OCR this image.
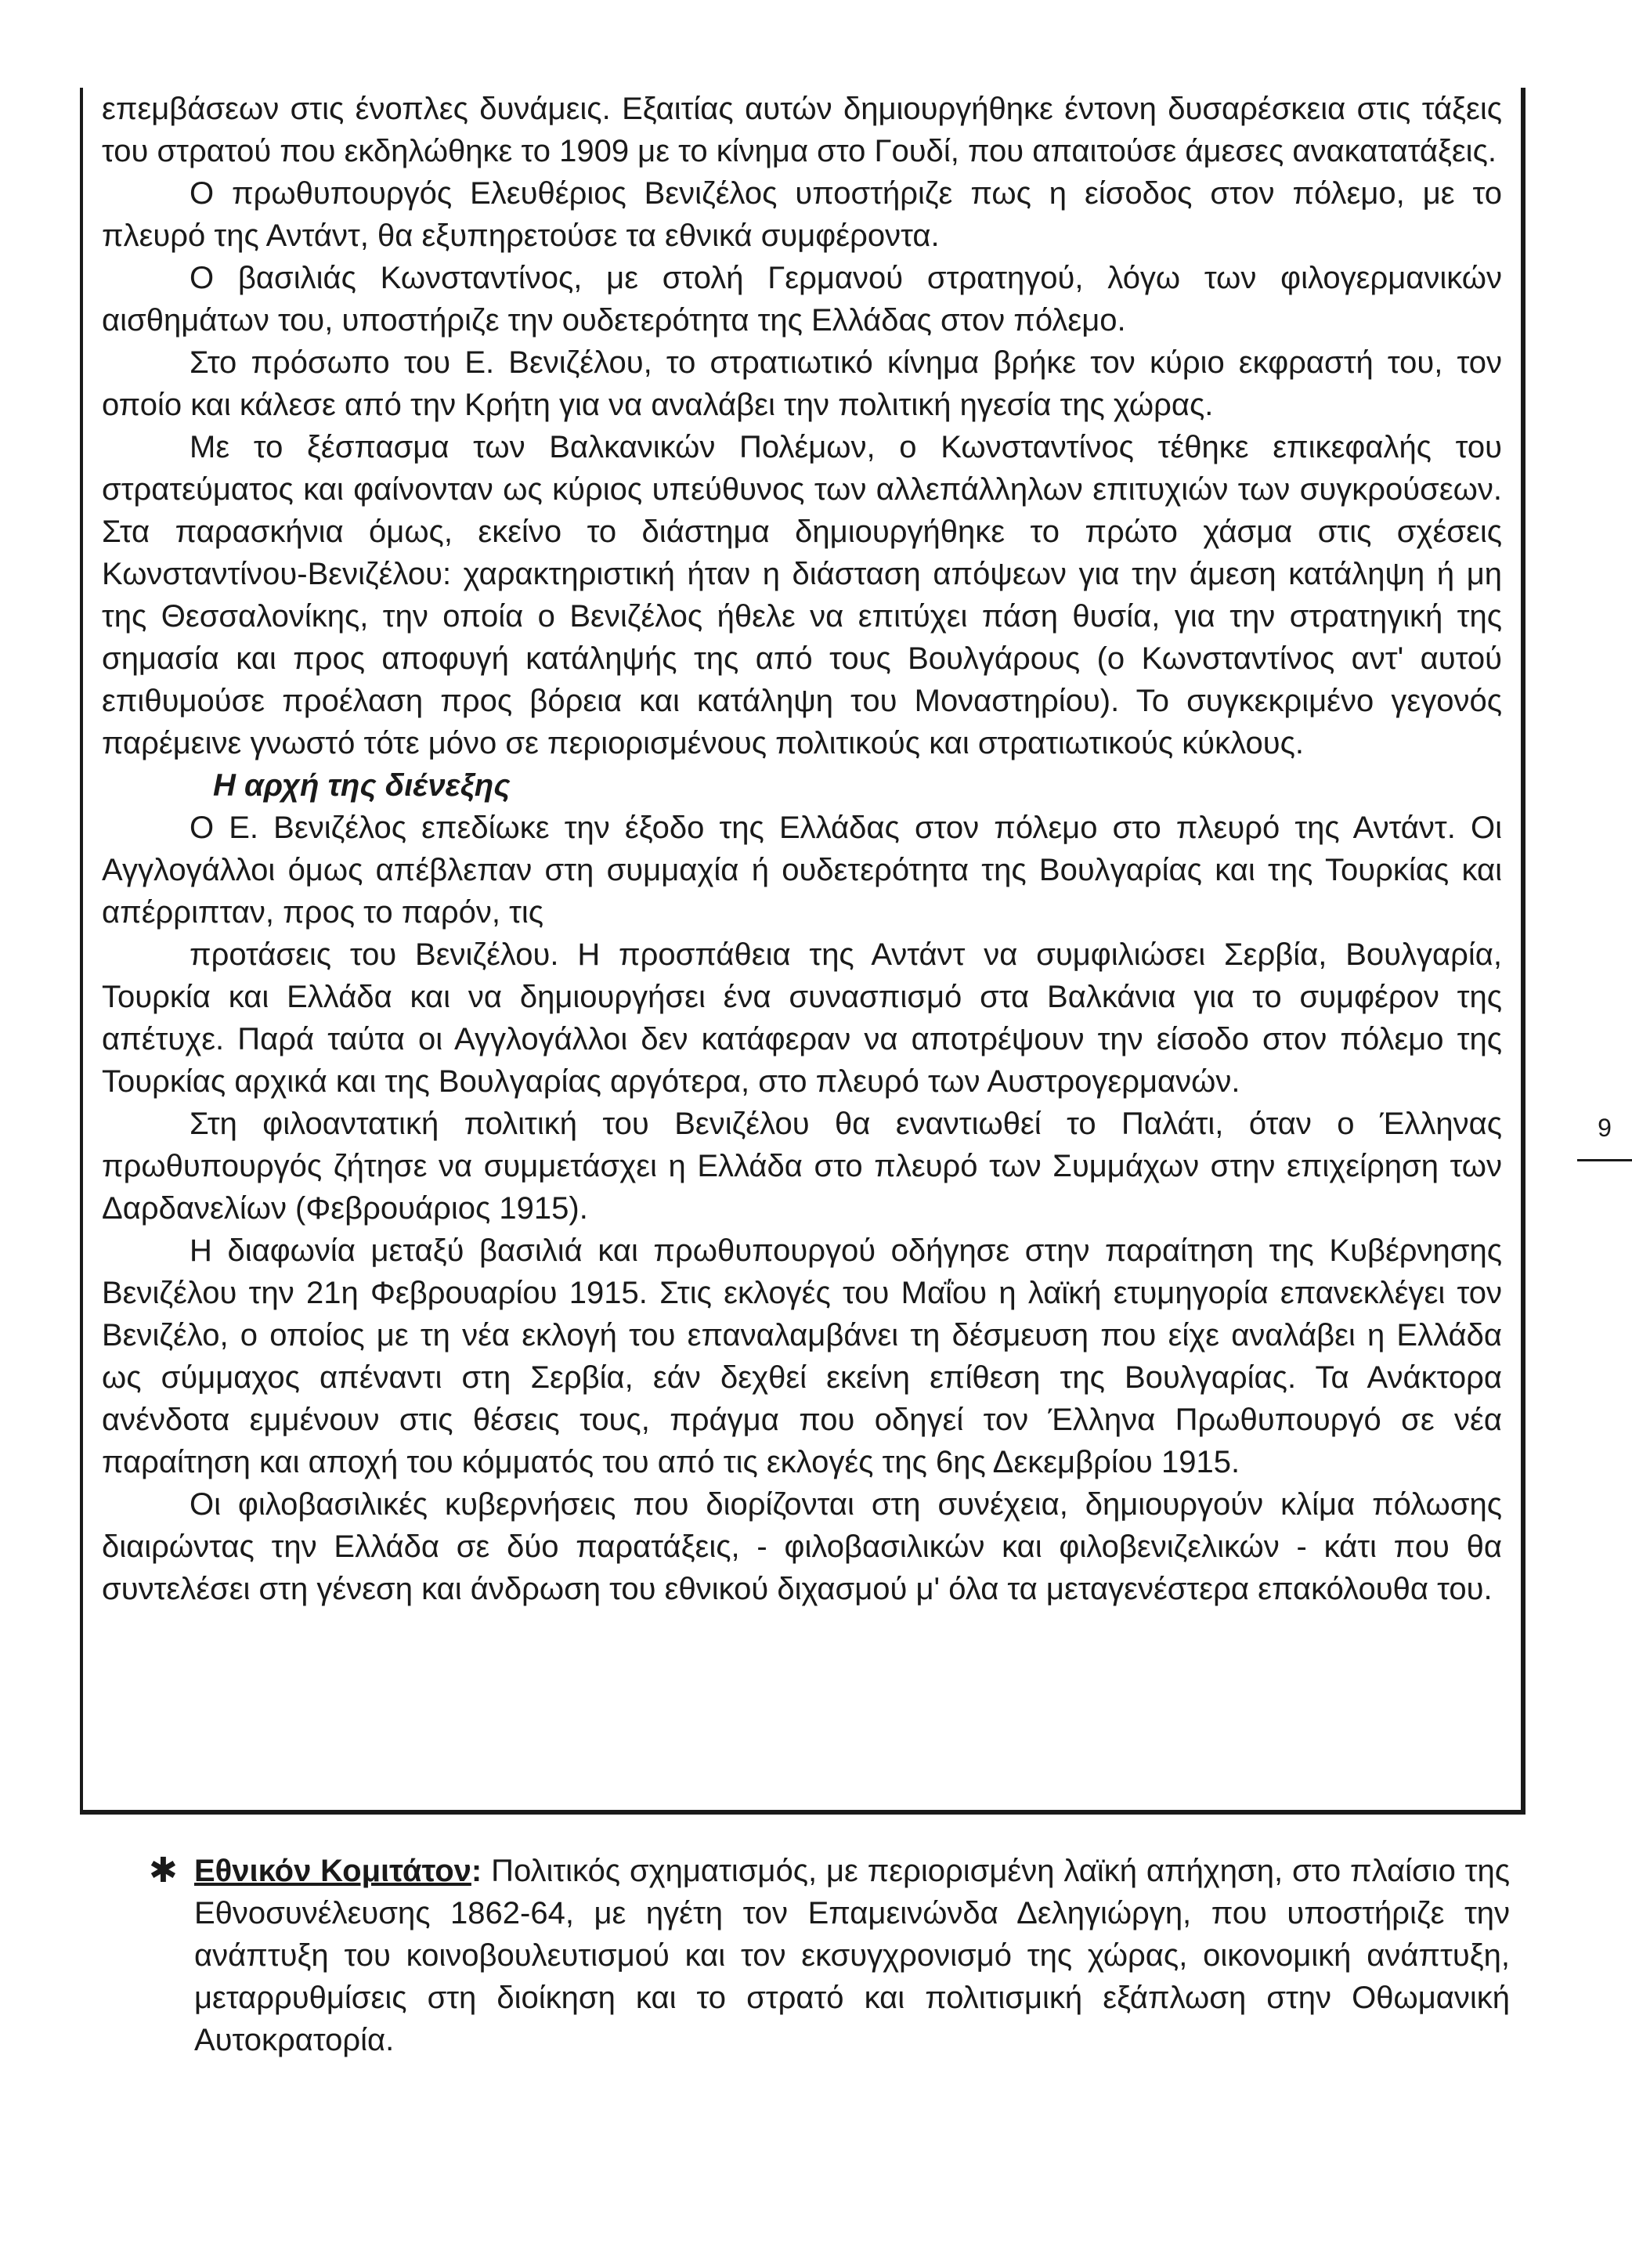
επεμβάσεων στις ένοπλες δυνάμεις. Εξαιτίας αυτών δημιουργήθηκε έντονη δυσαρέσκεια στις τάξεις του στρατού που εκδηλώθηκε το 1909 με το κίνημα στο Γουδί, που απαιτούσε άμεσες ανακατατάξεις.

Ο πρωθυπουργός Ελευθέριος Βενιζέλος υποστήριζε πως η είσοδος στον πόλεμο, με το πλευρό της Αντάντ, θα εξυπηρετούσε τα εθνικά συμφέροντα.

Ο βασιλιάς Κωνσταντίνος, με στολή Γερμανού στρατηγού, λόγω των φιλογερμανικών αισθημάτων του, υποστήριζε την ουδετερότητα της Ελλάδας στον πόλεμο.

Στο πρόσωπο του Ε. Βενιζέλου, το στρατιωτικό κίνημα βρήκε τον κύριο εκφραστή του, τον οποίο και κάλεσε από την Κρήτη για να αναλάβει την πολιτική ηγεσία της χώρας.

Με το ξέσπασμα των Βαλκανικών Πολέμων, ο Κωνσταντίνος τέθηκε επικεφαλής του στρατεύματος και φαίνονταν ως κύριος υπεύθυνος των αλλεπάλληλων επιτυχιών των συγκρούσεων. Στα παρασκήνια όμως, εκείνο το διάστημα δημιουργήθηκε το πρώτο χάσμα στις σχέσεις Κωνσταντίνου-Βενιζέλου: χαρακτηριστική ήταν η διάσταση απόψεων για την άμεση κατάληψη ή μη της Θεσσαλονίκης, την οποία ο Βενιζέλος ήθελε να επιτύχει πάση θυσία, για την στρατηγική της σημασία και προς αποφυγή κατάληψής της από τους Βουλγάρους (ο Κωνσταντίνος αντ' αυτού επιθυμούσε προέλαση προς βόρεια και κατάληψη του Μοναστηρίου). Το συγκεκριμένο γεγονός παρέμεινε γνωστό τότε μόνο σε περιορισμένους πολιτικούς και στρατιωτικούς κύκλους.

Η αρχή της διένεξης

Ο Ε. Βενιζέλος επεδίωκε την έξοδο της Ελλάδας στον πόλεμο στο πλευρό της Αντάντ. Οι Αγγλογάλλοι όμως απέβλεπαν στη συμμαχία ή ουδετερότητα της Βουλγαρίας και της Τουρκίας και απέρριπταν, προς το παρόν, τις

προτάσεις του Βενιζέλου. Η προσπάθεια της Αντάντ να συμφιλιώσει Σερβία, Βουλγαρία, Τουρκία και Ελλάδα και να δημιουργήσει ένα συνασπισμό στα Βαλκάνια για το συμφέρον της απέτυχε. Παρά ταύτα οι Αγγλογάλλοι δεν κατάφεραν να αποτρέψουν την είσοδο στον πόλεμο της Τουρκίας αρχικά και της Βουλγαρίας αργότερα, στο πλευρό των Αυστρογερμανών.

Στη φιλοαντατική πολιτική του Βενιζέλου θα εναντιωθεί το Παλάτι, όταν ο Έλληνας πρωθυπουργός ζήτησε να συμμετάσχει η Ελλάδα στο πλευρό των Συμμάχων στην επιχείρηση των Δαρδανελίων (Φεβρουάριος 1915).

Η διαφωνία μεταξύ βασιλιά και πρωθυπουργού οδήγησε στην παραίτηση της Κυβέρνησης Βενιζέλου την 21η Φεβρουαρίου 1915. Στις εκλογές του Μαΐου η λαϊκή ετυμηγορία επανεκλέγει τον Βενιζέλο, ο οποίος με τη νέα εκλογή του επαναλαμβάνει τη δέσμευση που είχε αναλάβει η Ελλάδα ως σύμμαχος απέναντι στη Σερβία, εάν δεχθεί εκείνη επίθεση της Βουλγαρίας. Τα Ανάκτορα ανένδοτα εμμένουν στις θέσεις τους, πράγμα που οδηγεί τον Έλληνα Πρωθυπουργό σε νέα παραίτηση και αποχή του κόμματός του από τις εκλογές της 6ης Δεκεμβρίου 1915.

Οι φιλοβασιλικές κυβερνήσεις που διορίζονται στη συνέχεια, δημιουργούν κλίμα πόλωσης διαιρώντας την Ελλάδα σε δύο παρατάξεις, - φιλοβασιλικών και φιλοβενιζελικών - κάτι που θα συντελέσει στη γένεση και άνδρωση του εθνικού διχασμού μ' όλα τα μεταγενέστερα επακόλουθα του.

9
✱ Εθνικόν Κομιτάτον: Πολιτικός σχηματισμός, με περιορισμένη λαϊκή απήχηση, στο πλαίσιο της Εθνοσυνέλευσης 1862-64, με ηγέτη τον Επαμεινώνδα Δεληγιώργη, που υποστήριζε την ανάπτυξη του κοινοβουλευτισμού και τον εκσυγχρονισμό της χώρας, οικονομική ανάπτυξη, μεταρρυθμίσεις στη διοίκηση και το στρατό και πολιτισμική εξάπλωση στην Οθωμανική Αυτοκρατορία.
